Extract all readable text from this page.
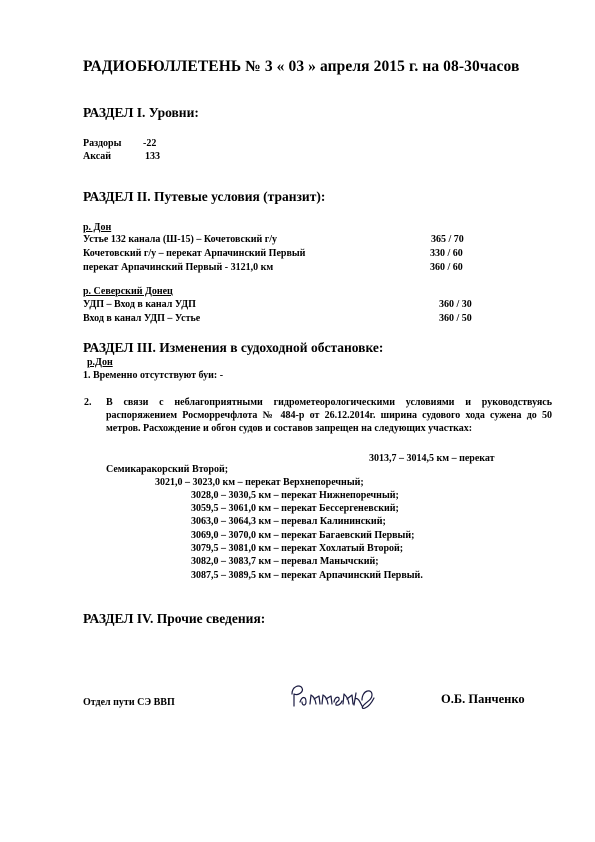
РАДИОБЮЛЛЕТЕНЬ № 3 « 03 » апреля 2015 г. на 08-30часов
РАЗДЕЛ I. Уровни:
Раздоры -22
Аксай	133
РАЗДЕЛ II. Путевые условия (транзит):
р. Дон
Устье 132 канала (Ш-15) – Кочетовский г/у	365 / 70
Кочетовский г/у – перекат Арпачинский Первый	330 / 60
перекат Арпачинский Первый - 3121,0 км	360 / 60
р. Северский Донец
УДП – Вход в канал УДП	360 / 30
Вход в канал УДП – Устье	360 / 50
РАЗДЕЛ III. Изменения в судоходной обстановке:
р.Дон
1. Временно отсутствуют буи: -
2. В связи с неблагоприятными гидрометеорологическими условиями и руководствуясь распоряжением Росморречфлота № 484-р от 26.12.2014г. ширина судового хода сужена до 50 метров. Расхождение и обгон судов и составов запрещен на следующих участках:
3013,7 – 3014,5 км – перекат
Семикаракорский Второй;
3021,0 – 3023,0 км – перекат Верхнепоречный;
3028,0 – 3030,5 км – перекат Нижнепоречный;
3059,5 – 3061,0 км – перекат Бессергеневский;
3063,0 – 3064,3 км – перевал Калининский;
3069,0 – 3070,0 км – перекат Багаевский Первый;
3079,5 – 3081,0 км – перекат Хохлатый Второй;
3082,0 – 3083,7 км – перевал Манычский;
3087,5 – 3089,5 км – перекат Арпачинский Первый.
РАЗДЕЛ IV. Прочие сведения:
Отдел пути СЭ ВВП	О.Б. Панченко
